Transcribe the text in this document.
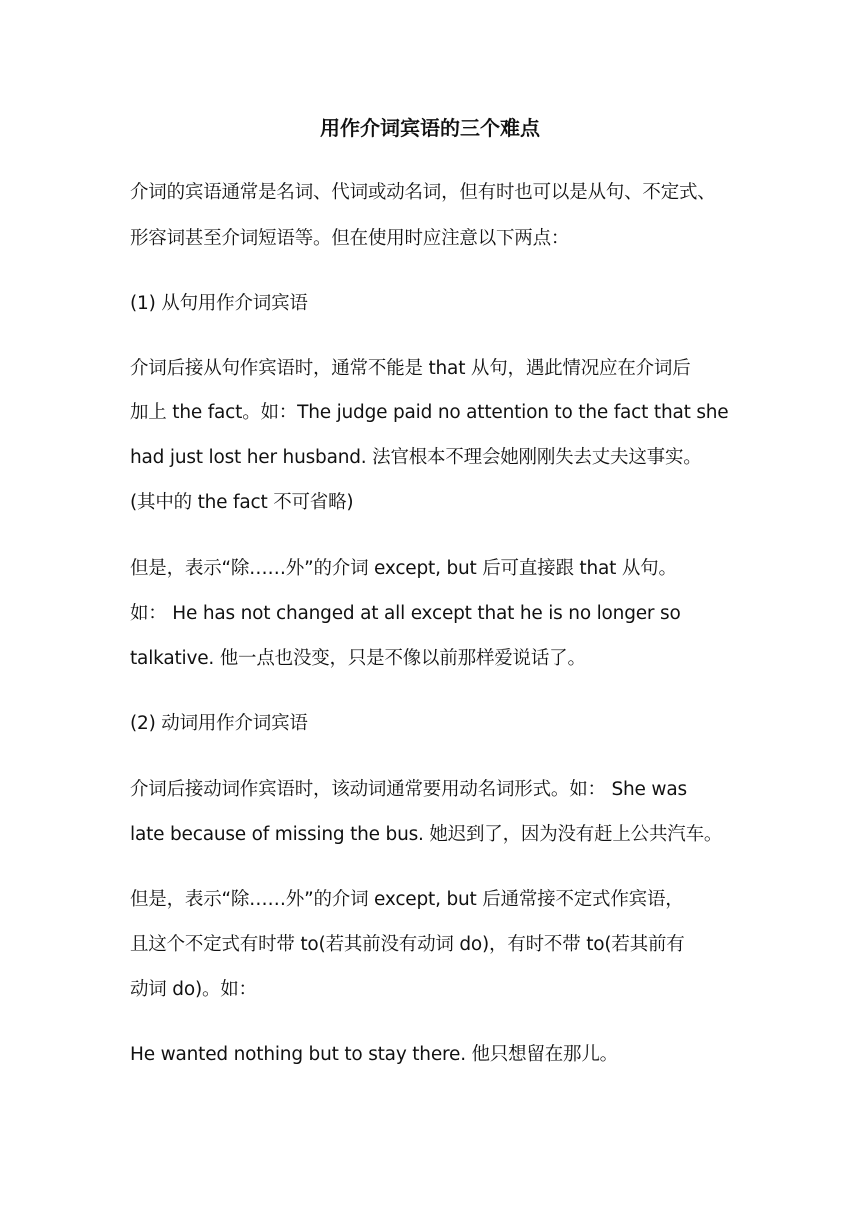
用作介词宾语的三个难点

介词的宾语通常是名词、代词或动名词，但有时也可以是从句、不定式、

形容词甚至介词短语等。但在使用时应注意以下两点：

(1) 从句用作介词宾语

介词后接从句作宾语时，通常不能是 that 从句，遇此情况应在介词后

加上 the fact。如：The judge paid no attention to the fact that she

had just lost her husband. 法官根本不理会她刚刚失去丈夫这事实。

(其中的 the fact 不可省略)

但是，表示“除……外”的介词 except, but 后可直接跟 that 从句。

如： He has not changed at all except that he is no longer so

talkative. 他一点也没变，只是不像以前那样爱说话了。

(2) 动词用作介词宾语

介词后接动词作宾语时，该动词通常要用动名词形式。如： She was

late because of missing the bus. 她迟到了，因为没有赶上公共汽车。

但是，表示“除……外”的介词 except, but 后通常接不定式作宾语，

且这个不定式有时带 to(若其前没有动词 do)，有时不带 to(若其前有

动词 do)。如：

He wanted nothing but to stay there. 他只想留在那儿。
